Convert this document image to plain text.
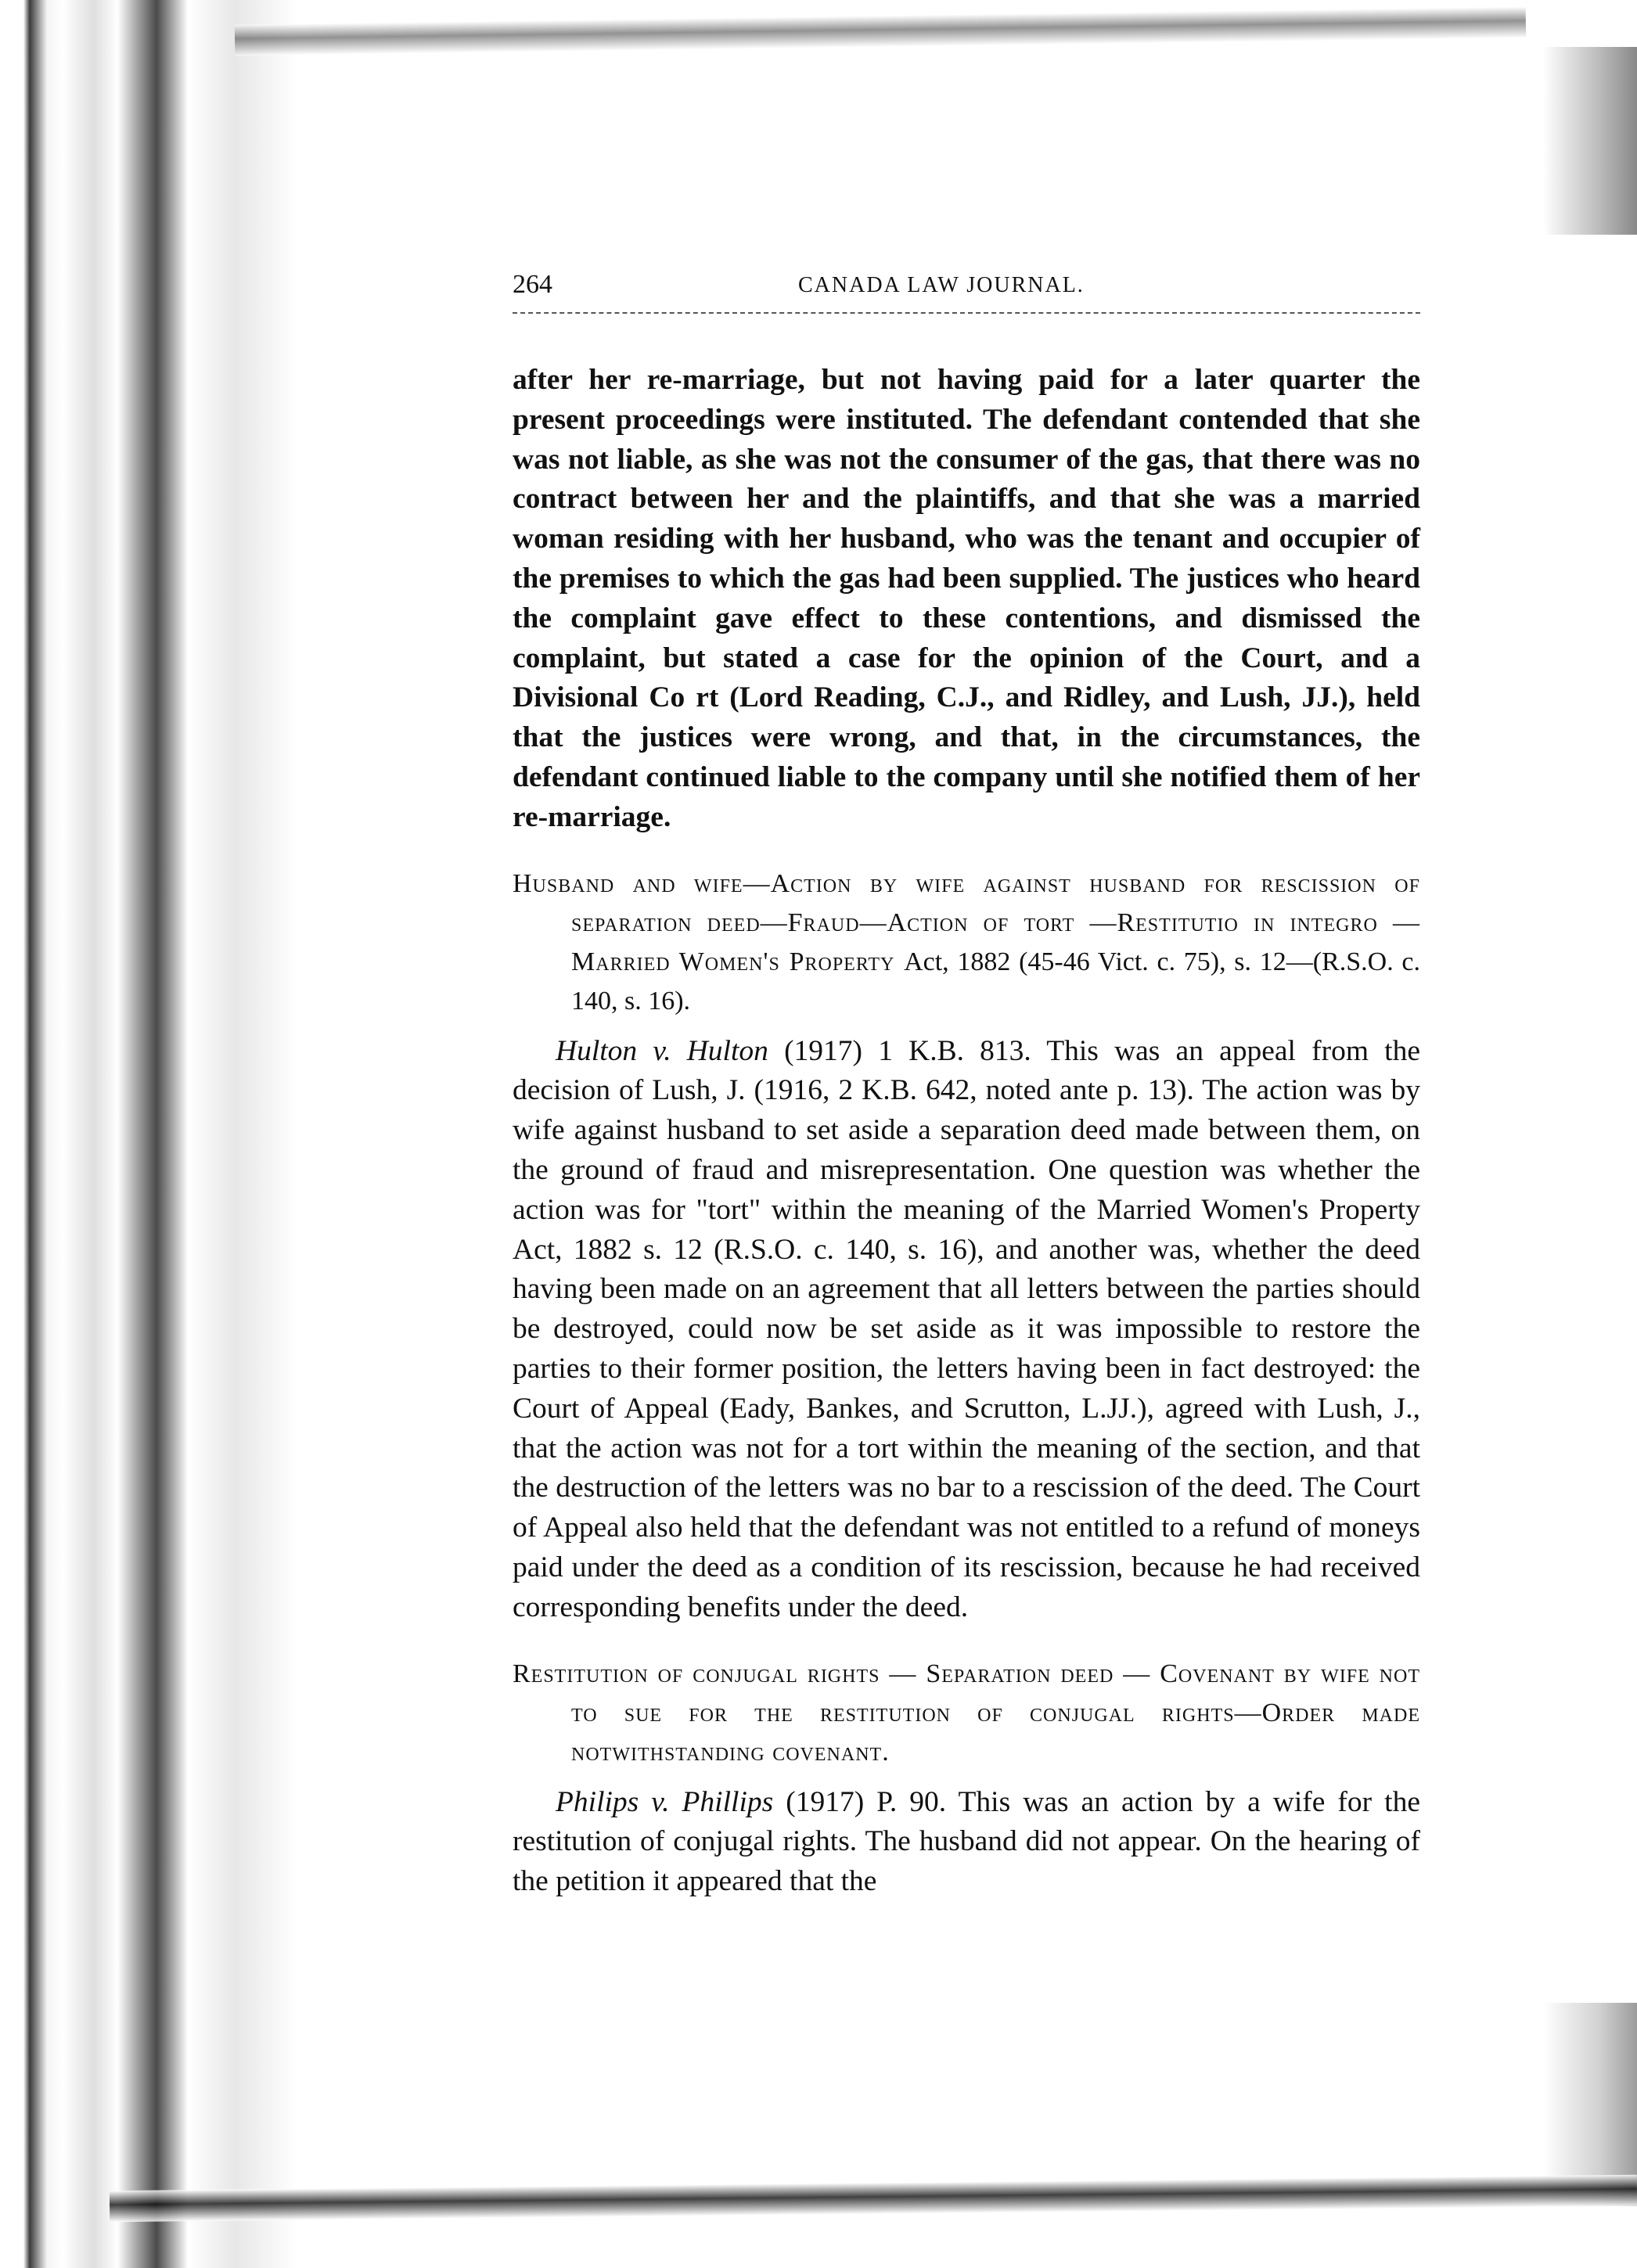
264	CANADA LAW JOURNAL.

after her re-marriage, but not having paid for a later quarter the present proceedings were instituted. The defendant contended that she was not liable, as she was not the consumer of the gas, that there was no contract between her and the plaintiffs, and that she was a married woman residing with her husband, who was the tenant and occupier of the premises to which the gas had been supplied. The justices who heard the complaint gave effect to these contentions, and dismissed the complaint, but stated a case for the opinion of the Court, and a Divisional Co rt (Lord Reading, C.J., and Ridley, and Lush, JJ.), held that the justices were wrong, and that, in the circumstances, the defendant continued liable to the company until she notified them of her re-marriage.

Husband and wife—Action by wife against husband for rescission of separation deed—Fraud—Action of tort —Restitutio in integro — Married Women's Property Act, 1882 (45-46 Vict. c. 75), s. 12—(R.S.O. c. 140, s. 16).

Hulton v. Hulton (1917) 1 K.B. 813. This was an appeal from the decision of Lush, J. (1916, 2 K.B. 642, noted ante p. 13). The action was by wife against husband to set aside a separation deed made between them, on the ground of fraud and misrepresentation. One question was whether the action was for "tort" within the meaning of the Married Women's Property Act, 1882 s. 12 (R.S.O. c. 140, s. 16), and another was, whether the deed having been made on an agreement that all letters between the parties should be destroyed, could now be set aside as it was impossible to restore the parties to their former position, the letters having been in fact destroyed: the Court of Appeal (Eady, Bankes, and Scrutton, L.JJ.), agreed with Lush, J., that the action was not for a tort within the meaning of the section, and that the destruction of the letters was no bar to a rescission of the deed. The Court of Appeal also held that the defendant was not entitled to a refund of moneys paid under the deed as a condition of its rescission, because he had received corresponding benefits under the deed.

Restitution of conjugal rights — Separation deed — Covenant by wife not to sue for the restitution of conjugal rights—Order made notwithstanding covenant.

Philips v. Phillips (1917) P. 90. This was an action by a wife for the restitution of conjugal rights. The husband did not appear. On the hearing of the petition it appeared that the
